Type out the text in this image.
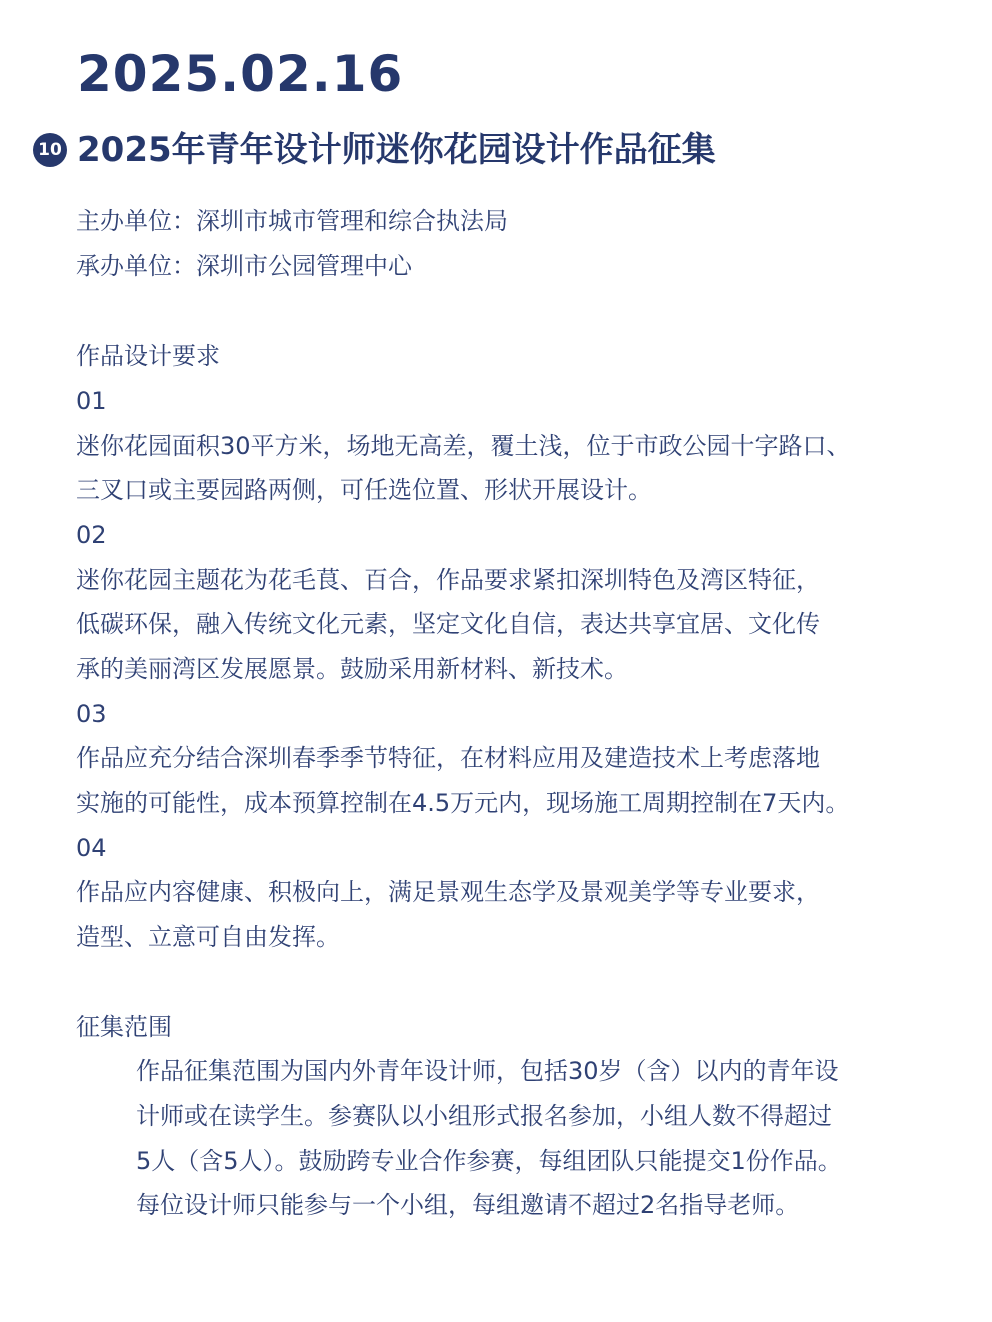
2025.02.16
10 2025年青年设计师迷你花园设计作品征集
主办单位：深圳市城市管理和综合执法局
承办单位：深圳市公园管理中心
作品设计要求
01
迷你花园面积30平方米，场地无高差，覆土浅，位于市政公园十字路口、
三叉口或主要园路两侧，可任选位置、形状开展设计。
02
迷你花园主题花为花毛茛、百合，作品要求紧扣深圳特色及湾区特征，
低碳环保，融入传统文化元素，坚定文化自信，表达共享宜居、文化传
承的美丽湾区发展愿景。鼓励采用新材料、新技术。
03
作品应充分结合深圳春季季节特征，在材料应用及建造技术上考虑落地
实施的可能性，成本预算控制在4.5万元内，现场施工周期控制在7天内。
04
作品应内容健康、积极向上，满足景观生态学及景观美学等专业要求，
造型、立意可自由发挥。
征集范围
作品征集范围为国内外青年设计师，包括30岁（含）以内的青年设
计师或在读学生。参赛队以小组形式报名参加，小组人数不得超过
5人（含5人）。鼓励跨专业合作参赛，每组团队只能提交1份作品。
每位设计师只能参与一个小组，每组邀请不超过2名指导老师。
